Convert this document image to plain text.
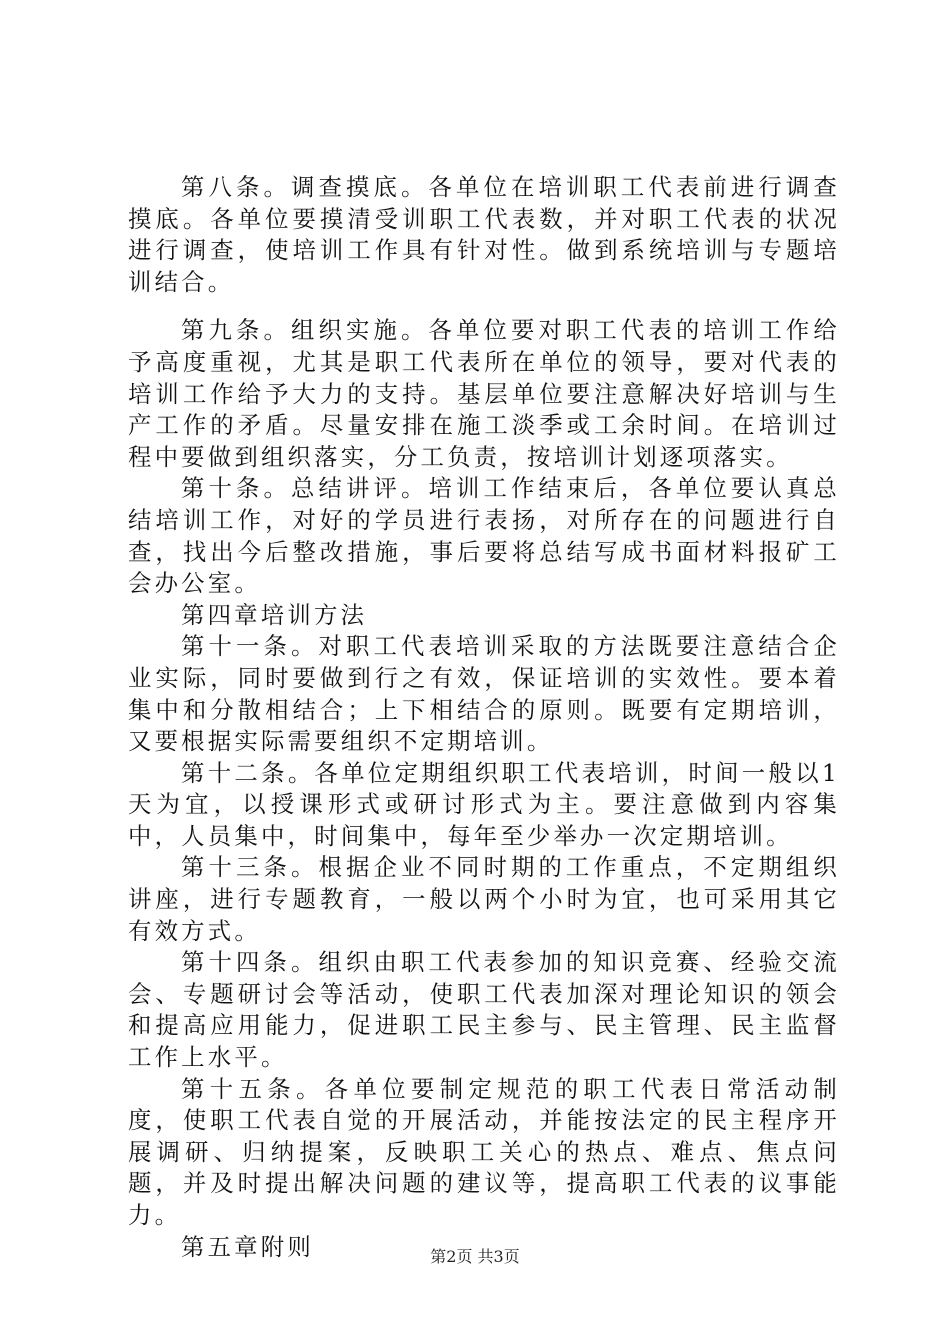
第八条。调查摸底。各单位在培训职工代表前进行调查摸底。各单位要摸清受训职工代表数，并对职工代表的状况进行调查，使培训工作具有针对性。做到系统培训与专题培训结合。

第九条。组织实施。各单位要对职工代表的培训工作给予高度重视，尤其是职工代表所在单位的领导，要对代表的培训工作给予大力的支持。基层单位要注意解决好培训与生产工作的矛盾。尽量安排在施工淡季或工余时间。在培训过程中要做到组织落实，分工负责，按培训计划逐项落实。

第十条。总结讲评。培训工作结束后，各单位要认真总结培训工作，对好的学员进行表扬，对所存在的问题进行自查，找出今后整改措施，事后要将总结写成书面材料报矿工会办公室。

第四章培训方法

第十一条。对职工代表培训采取的方法既要注意结合企业实际，同时要做到行之有效，保证培训的实效性。要本着集中和分散相结合；上下相结合的原则。既要有定期培训，又要根据实际需要组织不定期培训。

第十二条。各单位定期组织职工代表培训，时间一般以1天为宜，以授课形式或研讨形式为主。要注意做到内容集中，人员集中，时间集中，每年至少举办一次定期培训。

第十三条。根据企业不同时期的工作重点，不定期组织讲座，进行专题教育，一般以两个小时为宜，也可采用其它有效方式。

第十四条。组织由职工代表参加的知识竞赛、经验交流会、专题研讨会等活动，使职工代表加深对理论知识的领会和提高应用能力，促进职工民主参与、民主管理、民主监督工作上水平。

第十五条。各单位要制定规范的职工代表日常活动制度，使职工代表自觉的开展活动，并能按法定的民主程序开展调研、归纳提案，反映职工关心的热点、难点、焦点问题，并及时提出解决问题的建议等，提高职工代表的议事能力。

第五章附则	第2页 共3页
